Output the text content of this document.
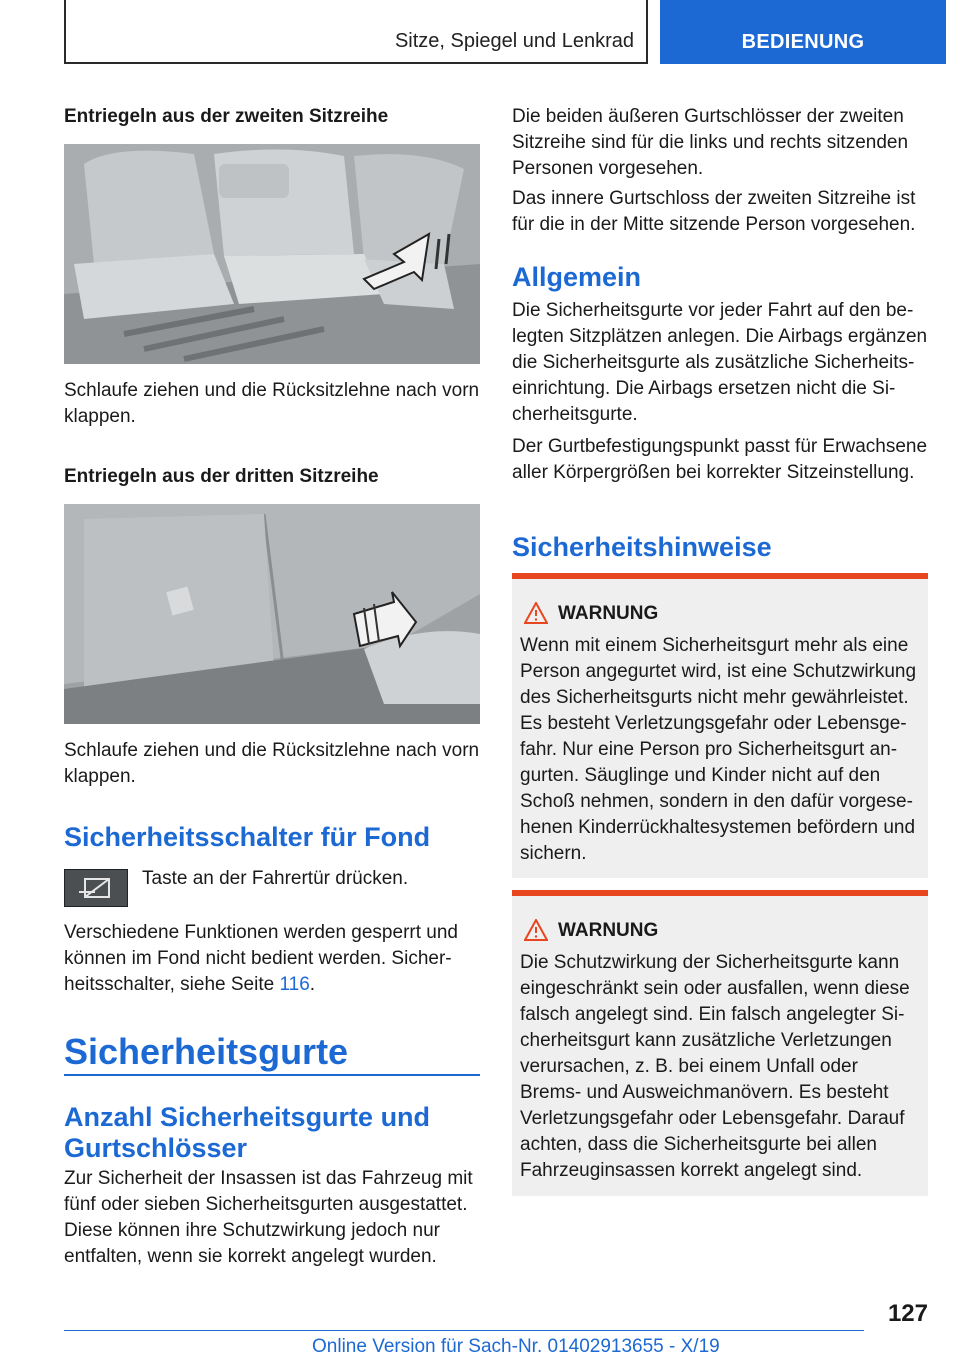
Sitze, Spiegel und Lenkrad	BEDIENUNG
Entriegeln aus der zweiten Sitzreihe

Schlaufe ziehen und die Rücksitzlehne nach vorn klappen.

Entriegeln aus der dritten Sitzreihe

Schlaufe ziehen und die Rücksitzlehne nach vorn klappen.

Sicherheitsschalter für Fond

Taste an der Fahrertür drücken.

Verschiedene Funktionen werden gesperrt und können im Fond nicht bedient werden. Sicherheitsschalter, siehe Seite 116.

Sicherheitsgurte
Anzahl Sicherheitsgurte und Gurtschlösser

Zur Sicherheit der Insassen ist das Fahrzeug mit fünf oder sieben Sicherheitsgurten ausgestattet. Diese können ihre Schutzwirkung jedoch nur entfalten, wenn sie korrekt angelegt wurden.

Die beiden äußeren Gurtschlösser der zweiten Sitzreihe sind für die links und rechts sitzenden Personen vorgesehen.

Das innere Gurtschloss der zweiten Sitzreihe ist für die in der Mitte sitzende Person vorgesehen.

Allgemein

Die Sicherheitsgurte vor jeder Fahrt auf den belegten Sitzplätzen anlegen. Die Airbags ergänzen die Sicherheitsgurte als zusätzliche Sicherheitseinrichtung. Die Airbags ersetzen nicht die Sicherheitsgurte.

Der Gurtbefestigungspunkt passt für Erwachsene aller Körpergrößen bei korrekter Sitzeinstellung.

Sicherheitshinweise
WARNUNG
Wenn mit einem Sicherheitsgurt mehr als eine Person angegurtet wird, ist eine Schutzwirkung des Sicherheitsgurts nicht mehr gewährleistet. Es besteht Verletzungsgefahr oder Lebensgefahr. Nur eine Person pro Sicherheitsgurt angurten. Säuglinge und Kinder nicht auf den Schoß nehmen, sondern in den dafür vorgesehenen Kinderrückhaltesystemen befördern und sichern.
WARNUNG
Die Schutzwirkung der Sicherheitsgurte kann eingeschränkt sein oder ausfallen, wenn diese falsch angelegt sind. Ein falsch angelegter Sicherheitsgurt kann zusätzliche Verletzungen verursachen, z. B. bei einem Unfall oder Brems- und Ausweichmanövern. Es besteht Verletzungsgefahr oder Lebensgefahr. Darauf achten, dass die Sicherheitsgurte bei allen Fahrzeuginsassen korrekt angelegt sind.
127
Online Version für Sach-Nr. 01402913655 - X/19
